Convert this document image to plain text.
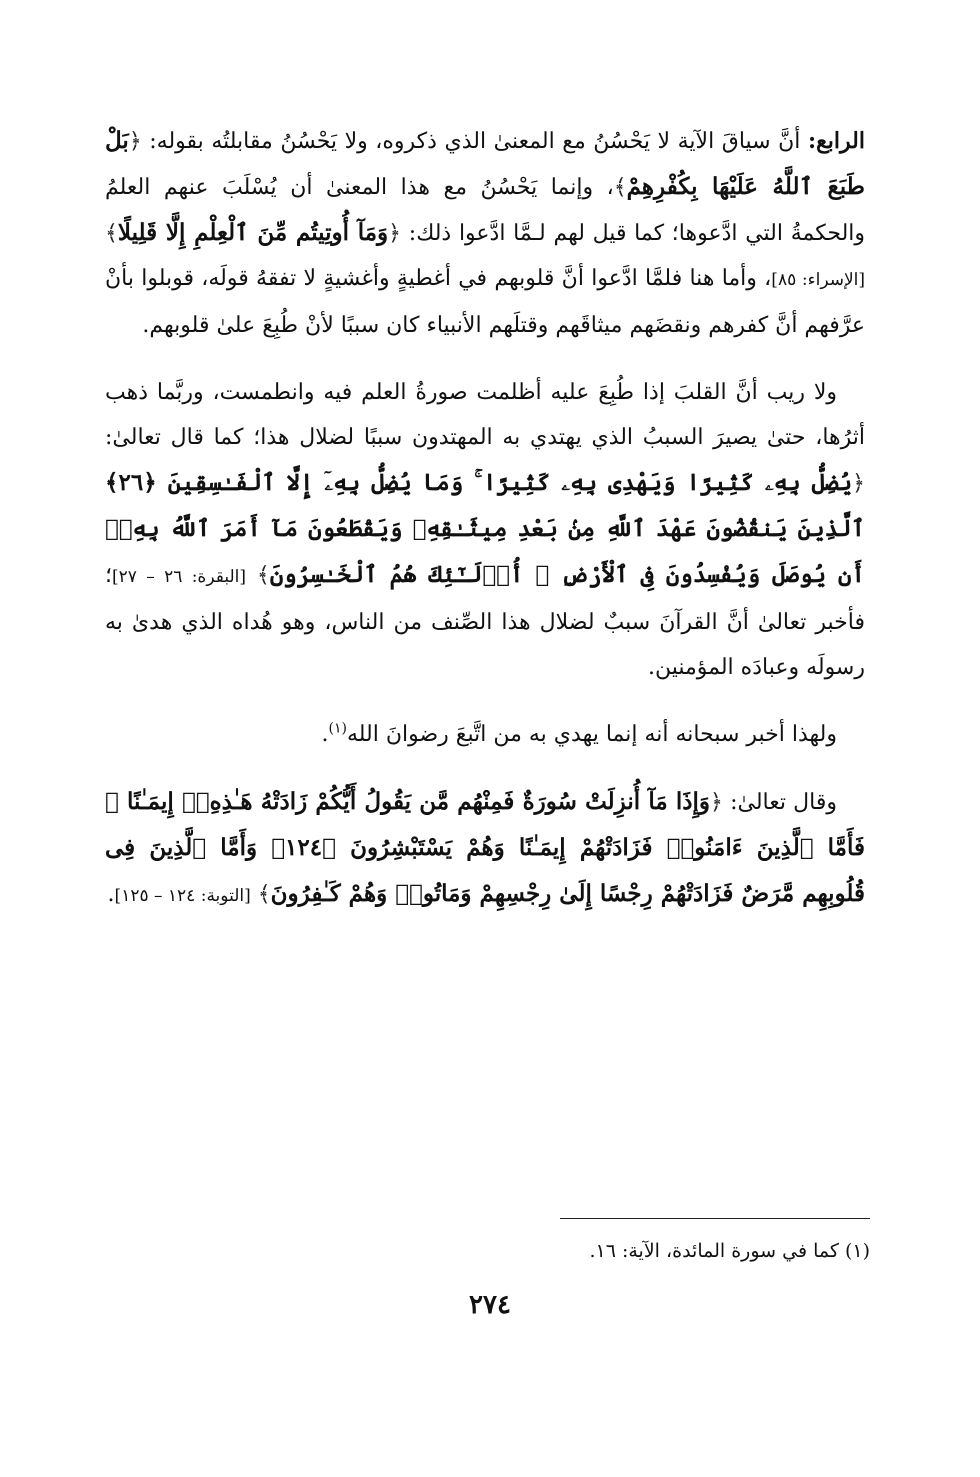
الرابع: أنَّ سياقَ الآية لا يَحْسُنُ مع المعنىٰ الذي ذكروه، ولا يَحْسُنُ مقابلتُه بقوله: ﴿بَلْ طَبَعَ ٱللَّهُ عَلَيْهَا بِكُفْرِهِمْ﴾، وإنما يَحْسُنُ مع هذا المعنىٰ أن يُسْلَبَ عنهم العلمُ والحكمةُ التي ادَّعوها؛ كما قيل لهم لـمَّا ادَّعوا ذلك: ﴿وَمَآ أُوتِيتُم مِّنَ ٱلْعِلْمِ إِلَّا قَلِيلًا﴾ [الإسراء: ٨٥]، وأما هنا فلمَّا ادَّعوا أنَّ قلوبهم في أغطيةٍ وأغشيةٍ لا تفقهُ قولَه، قوبلوا بأنْ عرَّفهم أنَّ كفرهم ونقضَهم ميثاقَهم وقتلَهم الأنبياء كان سببًا لأنْ طُبِعَ علىٰ قلوبهم.

ولا ريب أنَّ القلبَ إذا طُبِعَ عليه أظلمت صورةُ العلم فيه وانطمست، وربَّما ذهب أثرُها، حتىٰ يصيرَ السببُ الذي يهتدي به المهتدون سببًا لضلال هذا؛ كما قال تعالىٰ: ﴿يُضِلُّ بِهِۦ كَثِيرًا وَيَهْدِى بِهِۦ كَثِيرًا ۚ وَمَا يُضِلُّ بِهِۦٓ إِلَّا ٱلْفَـٰسِقِينَ ﴿٢٦﴾ ٱلَّذِينَ يَنقُضُونَ عَهْدَ ٱللَّهِ مِنۢ بَعْدِ مِيثَـٰقِهِۦ وَيَقْطَعُونَ مَآ أَمَرَ ٱللَّهُ بِهِۦٓ أَن يُوصَلَ وَيُفْسِدُونَ فِى ٱلْأَرْضِ ۚ أُو۟لَـٰٓئِكَ هُمُ ٱلْخَـٰسِرُونَ﴾ [البقرة: ٢٦ – ٢٧]؛ فأخبر تعالىٰ أنَّ القرآنَ سببٌ لضلال هذا الصِّنف من الناس، وهو هُداه الذي هدىٰ به رسولَه وعبادَه المؤمنين.

ولهذا أخبر سبحانه أنه إنما يهدي به من اتَّبعَ رضوانَ الله$^{(١)}$.

وقال تعالىٰ: ﴿وَإِذَا مَآ أُنزِلَتْ سُورَةٌ فَمِنْهُم مَّن يَقُولُ أَيُّكُمْ زَادَتْهُ هَـٰذِهِۦٓ إِيمَـٰنًا ۚ فَأَمَّا ٱلَّذِينَ ءَامَنُوا۟ فَزَادَتْهُمْ إِيمَـٰنًا وَهُمْ يَسْتَبْشِرُونَ ﴿١٢٤﴾ وَأَمَّا ٱلَّذِينَ فِى قُلُوبِهِم مَّرَضٌ فَزَادَتْهُمْ رِجْسًا إِلَىٰ رِجْسِهِمْ وَمَاتُوا۟ وَهُمْ كَـٰفِرُونَ﴾ [التوبة: ١٢٤ – ١٢٥].

(١) كما في سورة المائدة، الآية: ١٦.
٢٧٤
